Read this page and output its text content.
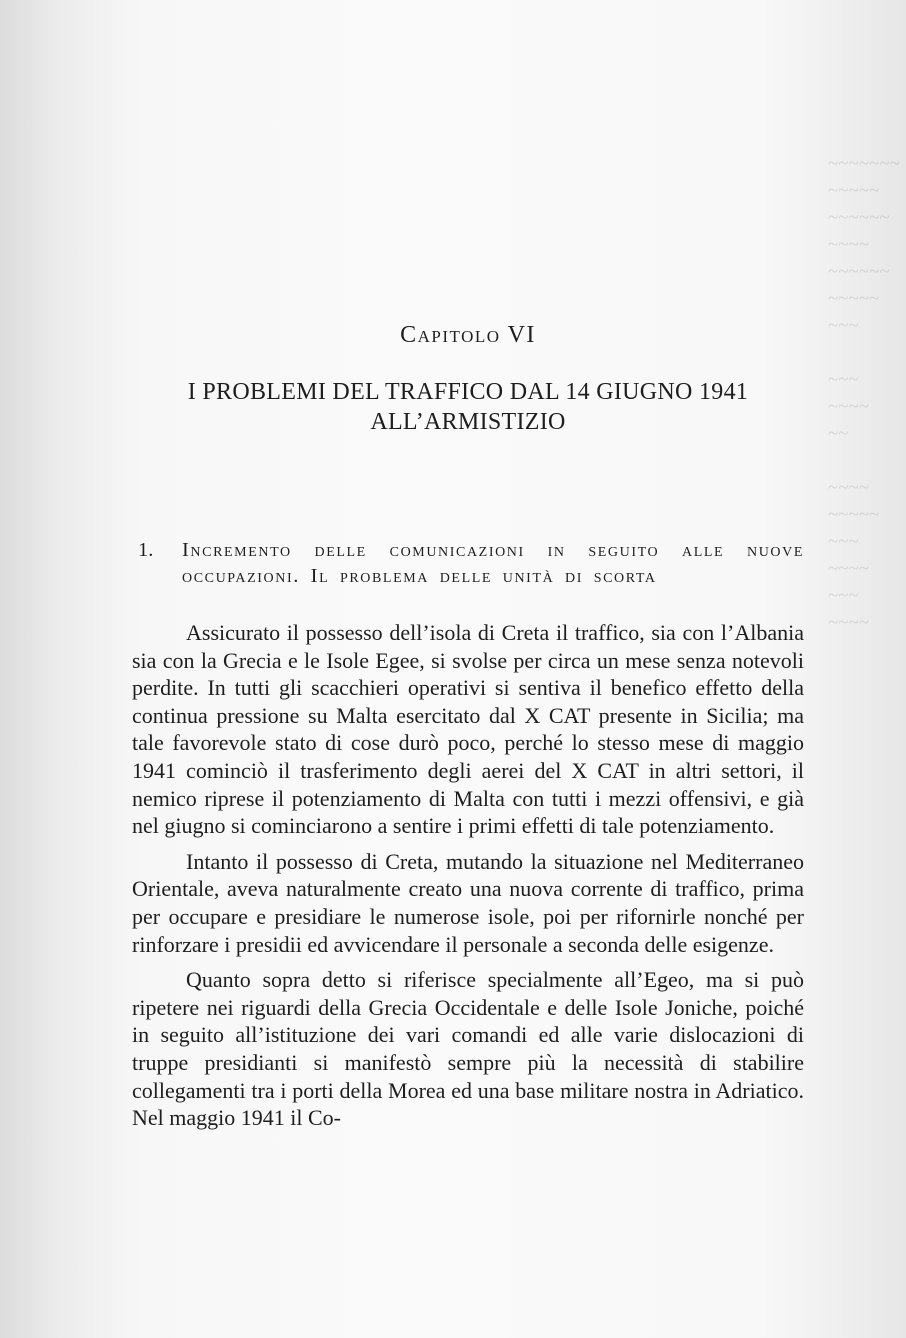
~~~~~~~
~~~~~
~~~~~~
~~~~
~~~~~~
~~~~~
~~~

~~~
~~~~
~~

~~~~
~~~~~
~~~
~~~~
~~~
~~~~
Capitolo VI
I PROBLEMI DEL TRAFFICO DAL 14 GIUGNO 1941
ALL’ARMISTIZIO
1.	Incremento delle comunicazioni in seguito alle nuove occupazioni. Il problema delle unità di scorta

Assicurato il possesso dell’isola di Creta il traffico, sia con l’Albania sia con la Grecia e le Isole Egee, si svolse per circa un mese senza notevoli perdite. In tutti gli scacchieri operativi si sentiva il benefico effetto della continua pressione su Malta esercitato dal X CAT presente in Sicilia; ma tale favorevole stato di cose durò poco, perché lo stesso mese di maggio 1941 cominciò il trasferimento degli aerei del X CAT in altri settori, il nemico riprese il potenziamento di Malta con tutti i mezzi offensivi, e già nel giugno si cominciarono a sentire i primi effetti di tale potenziamento.

Intanto il possesso di Creta, mutando la situazione nel Mediterraneo Orientale, aveva naturalmente creato una nuova corrente di traffico, prima per occupare e presidiare le numerose isole, poi per rifornirle nonché per rinforzare i presidii ed avvicendare il personale a seconda delle esigenze.

Quanto sopra detto si riferisce specialmente all’Egeo, ma si può ripetere nei riguardi della Grecia Occidentale e delle Isole Joniche, poiché in seguito all’istituzione dei vari comandi ed alle varie dislocazioni di truppe presidianti si manifestò sempre più la necessità di stabilire collegamenti tra i porti della Morea ed una base militare nostra in Adriatico. Nel maggio 1941 il Co-
